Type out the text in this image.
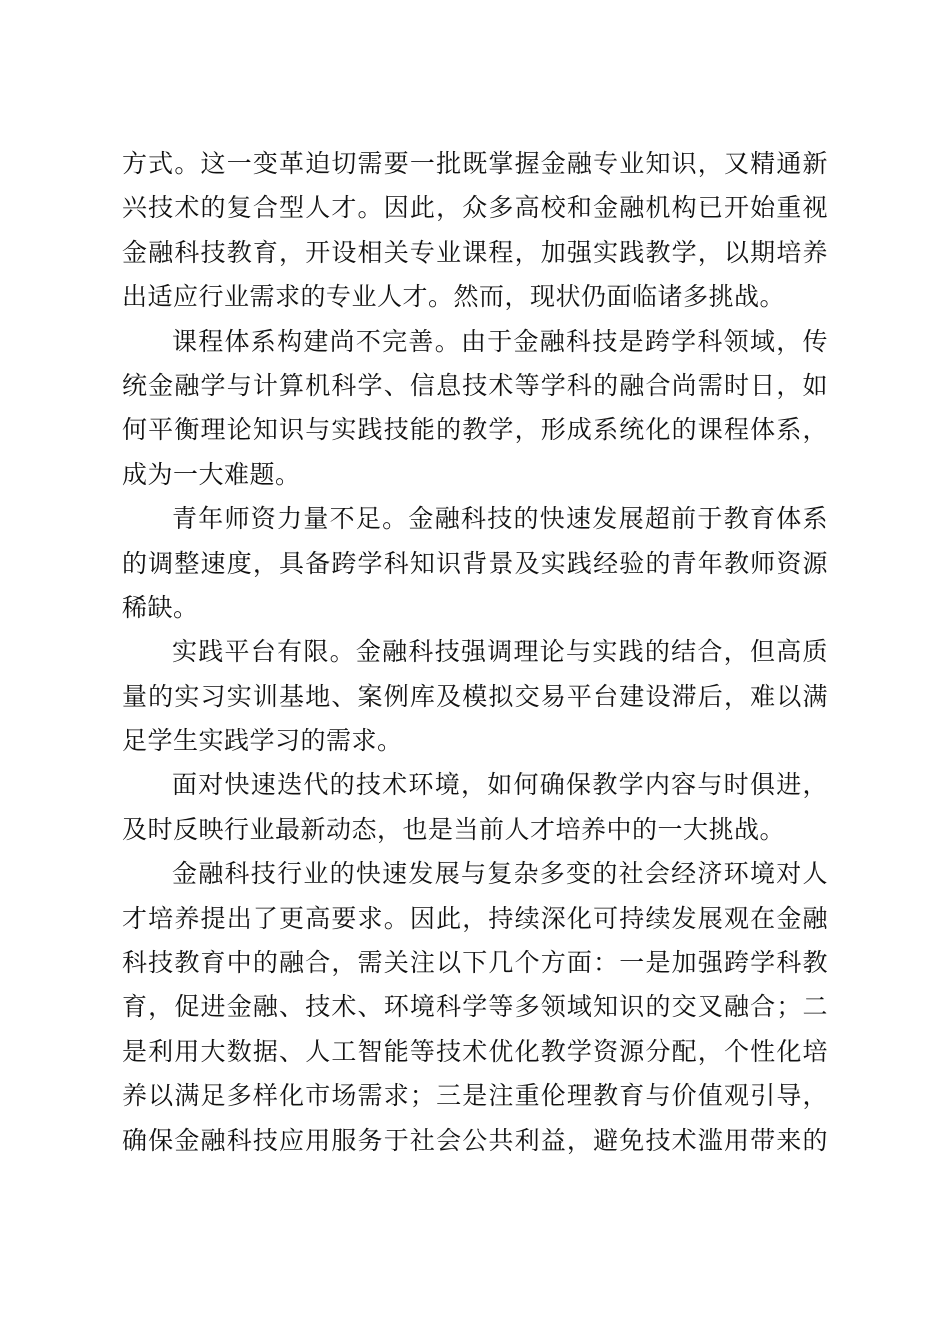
方式。这一变革迫切需要一批既掌握金融专业知识，又精通新
兴技术的复合型人才。因此，众多高校和金融机构已开始重视
金融科技教育，开设相关专业课程，加强实践教学，以期培养
出适应行业需求的专业人才。然而，现状仍面临诸多挑战。
课程体系构建尚不完善。由于金融科技是跨学科领域，传
统金融学与计算机科学、信息技术等学科的融合尚需时日，如
何平衡理论知识与实践技能的教学，形成系统化的课程体系，
成为一大难题。
青年师资力量不足。金融科技的快速发展超前于教育体系
的调整速度，具备跨学科知识背景及实践经验的青年教师资源
稀缺。
实践平台有限。金融科技强调理论与实践的结合，但高质
量的实习实训基地、案例库及模拟交易平台建设滞后，难以满
足学生实践学习的需求。
面对快速迭代的技术环境，如何确保教学内容与时俱进，
及时反映行业最新动态，也是当前人才培养中的一大挑战。
金融科技行业的快速发展与复杂多变的社会经济环境对人
才培养提出了更高要求。因此，持续深化可持续发展观在金融
科技教育中的融合，需关注以下几个方面：一是加强跨学科教
育，促进金融、技术、环境科学等多领域知识的交叉融合；二
是利用大数据、人工智能等技术优化教学资源分配，个性化培
养以满足多样化市场需求；三是注重伦理教育与价值观引导，
确保金融科技应用服务于社会公共利益，避免技术滥用带来的
